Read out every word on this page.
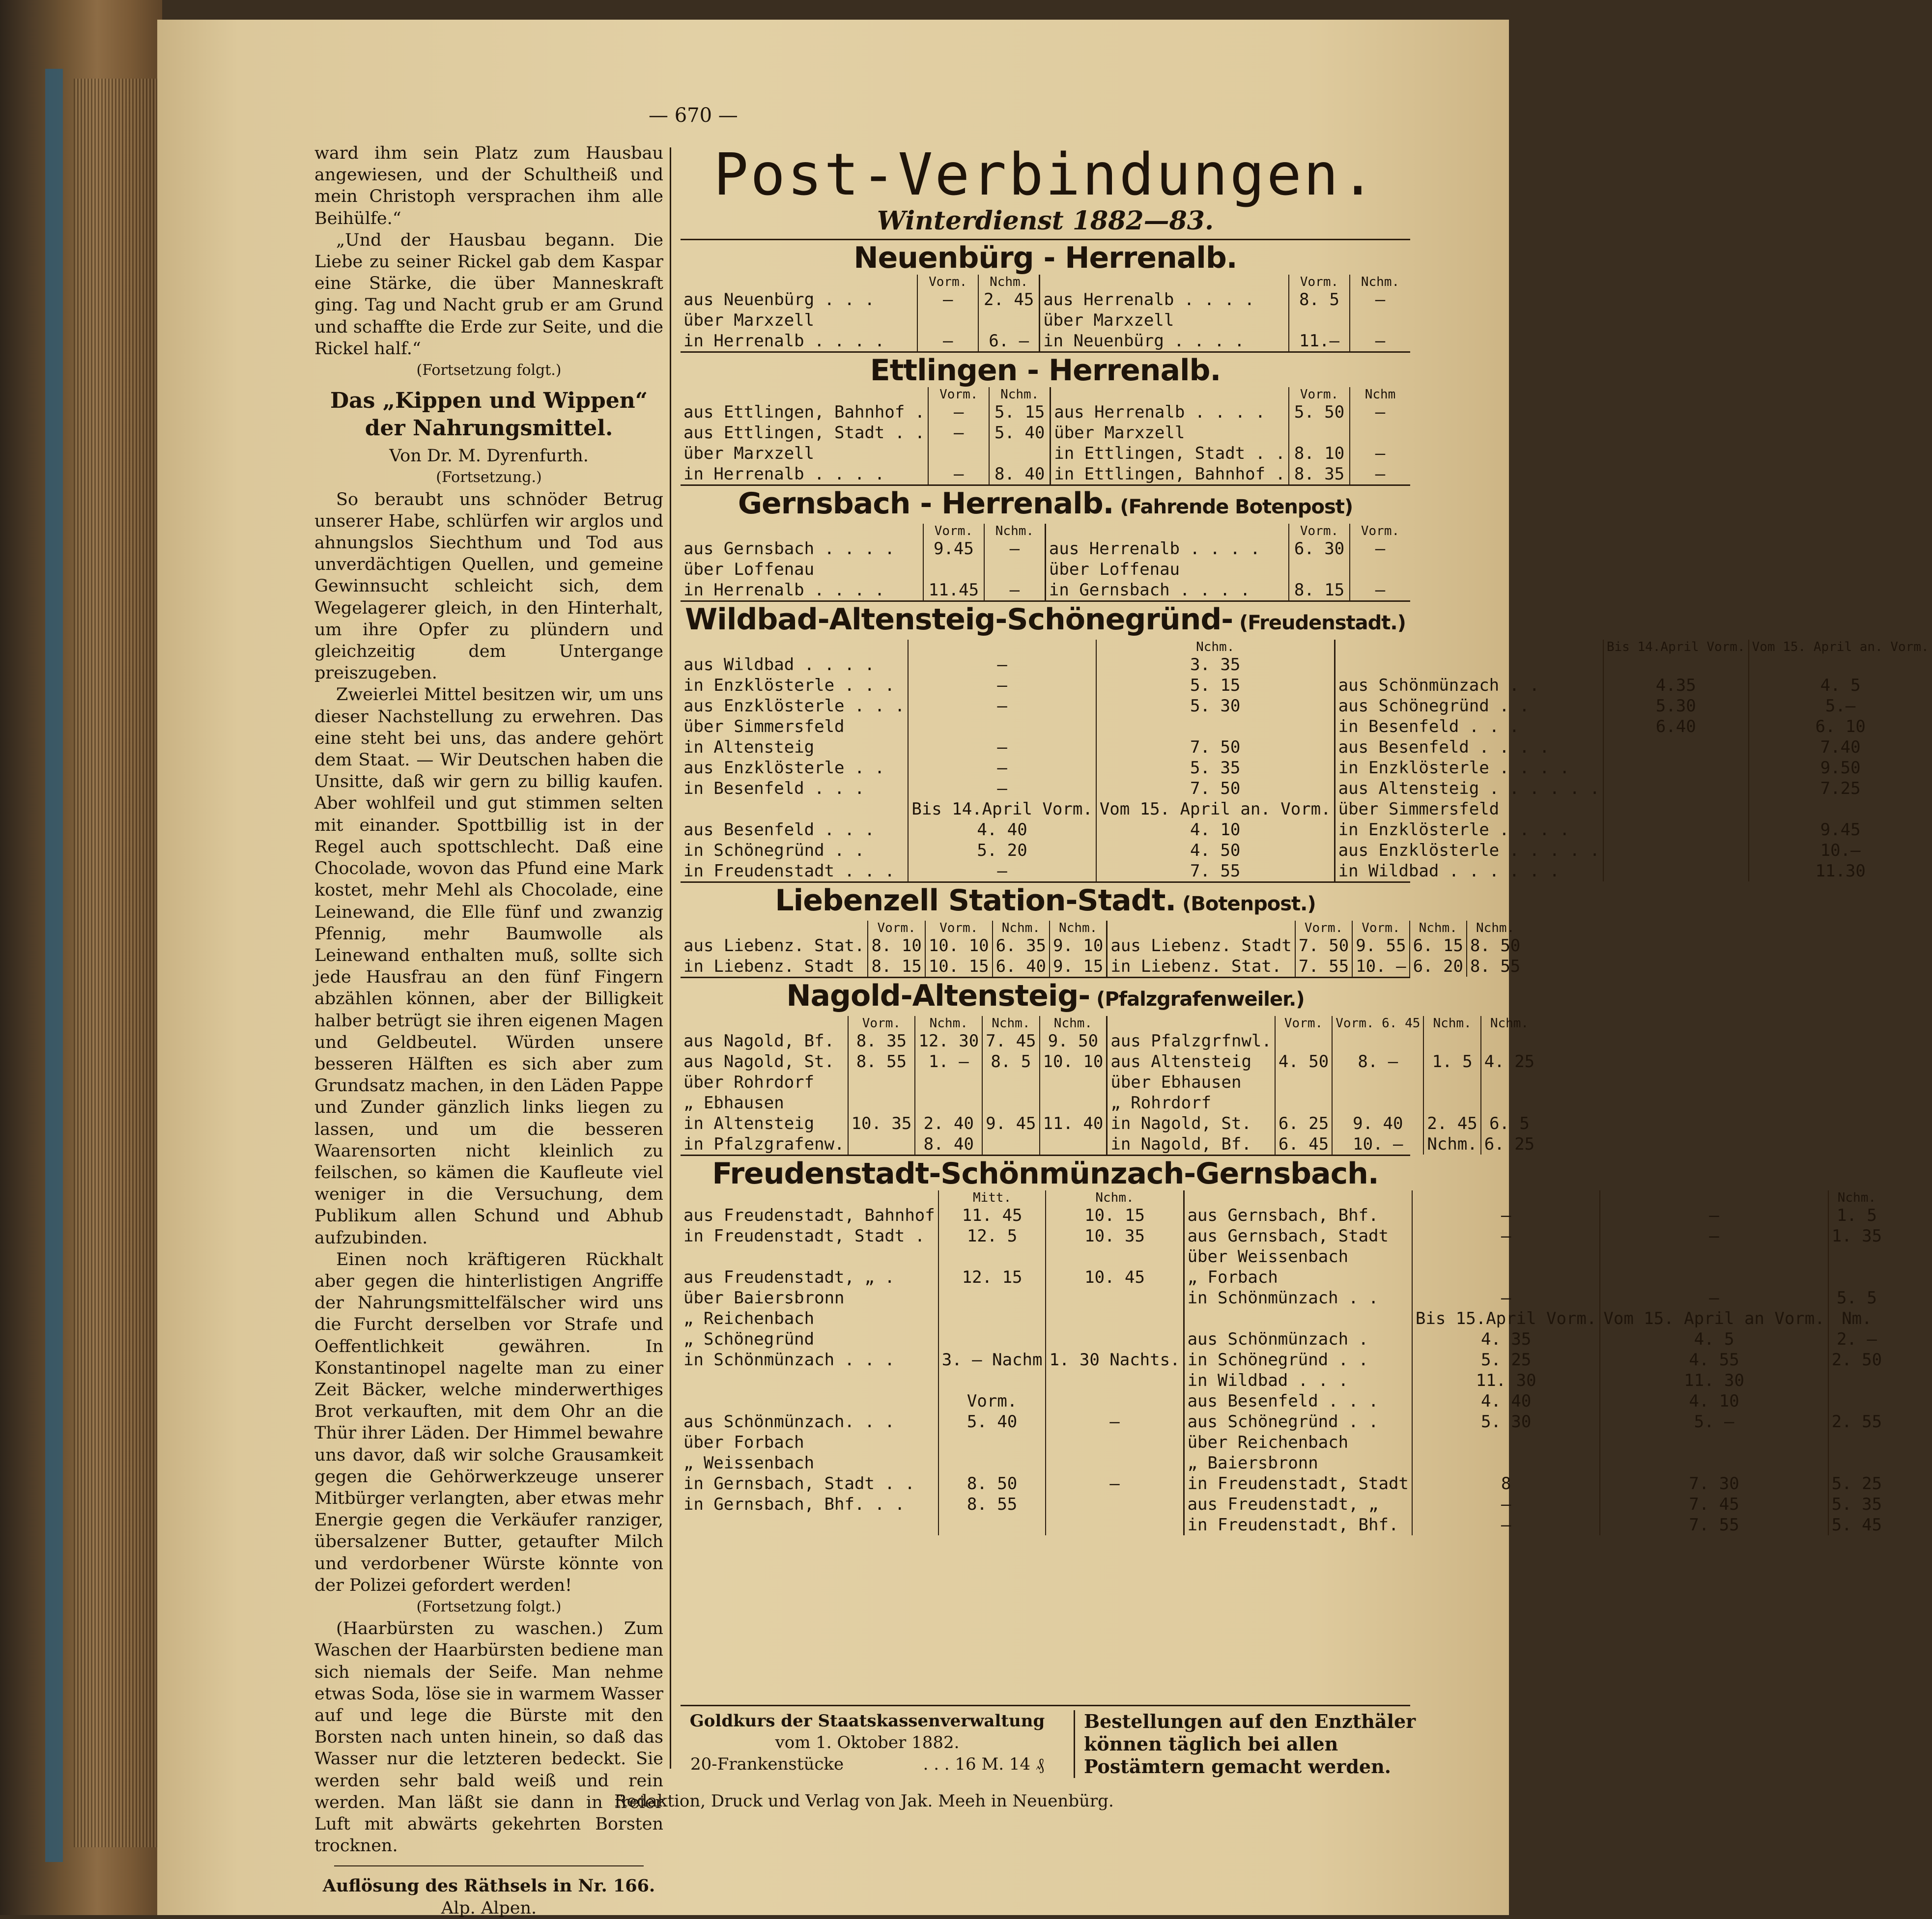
— 670 —

ward ihm sein Platz zum Hausbau angewiesen, und der Schultheiß und mein Christoph versprachen ihm alle Beihülfe.“

„Und der Hausbau begann. Die Liebe zu seiner Rickel gab dem Kaspar eine Stärke, die über Manneskraft ging. Tag und Nacht grub er am Grund und schaffte die Erde zur Seite, und die Rickel half.“

(Fortsetzung folgt.)

Das „Kippen und Wippen“ der Nahrungsmittel.

Von Dr. M. Dyrenfurth.

(Fortsetzung.)

So beraubt uns schnöder Betrug unserer Habe, schlürfen wir arglos und ahnungslos Siechthum und Tod aus unverdächtigen Quellen, und gemeine Gewinnsucht schleicht sich, dem Wegelagerer gleich, in den Hinterhalt, um ihre Opfer zu plündern und gleichzeitig dem Untergange preiszugeben.

Zweierlei Mittel besitzen wir, um uns dieser Nachstellung zu erwehren. Das eine steht bei uns, das andere gehört dem Staat. — Wir Deutschen haben die Unsitte, daß wir gern zu billig kaufen. Aber wohlfeil und gut stimmen selten mit einander. Spottbillig ist in der Regel auch spottschlecht. Daß eine Chocolade, wovon das Pfund eine Mark kostet, mehr Mehl als Chocolade, eine Leinewand, die Elle fünf und zwanzig Pfennig, mehr Baumwolle als Leinewand enthalten muß, sollte sich jede Hausfrau an den fünf Fingern abzählen können, aber der Billigkeit halber betrügt sie ihren eigenen Magen und Geldbeutel. Würden unsere besseren Hälften es sich aber zum Grundsatz machen, in den Läden Pappe und Zunder gänzlich links liegen zu lassen, und um die besseren Waarensorten nicht kleinlich zu feilschen, so kämen die Kaufleute viel weniger in die Versuchung, dem Publikum allen Schund und Abhub aufzubinden.

Einen noch kräftigeren Rückhalt aber gegen die hinterlistigen Angriffe der Nahrungsmittelfälscher wird uns die Furcht derselben vor Strafe und Oeffentlichkeit gewähren. In Konstantinopel nagelte man zu einer Zeit Bäcker, welche minderwerthiges Brot verkauften, mit dem Ohr an die Thür ihrer Läden. Der Himmel bewahre uns davor, daß wir solche Grausamkeit gegen die Gehörwerkzeuge unserer Mitbürger verlangten, aber etwas mehr Energie gegen die Verkäufer ranziger, übersalzener Butter, getaufter Milch und verdorbener Würste könnte von der Polizei gefordert werden!

(Fortsetzung folgt.)

(Haarbürsten zu waschen.) Zum Waschen der Haarbürsten bediene man sich niemals der Seife. Man nehme etwas Soda, löse sie in warmem Wasser auf und lege die Bürste mit den Borsten nach unten hinein, so daß das Wasser nur die letzteren bedeckt. Sie werden sehr bald weiß und rein werden. Man läßt sie dann in freier Luft mit abwärts gekehrten Borsten trocknen.

Auflösung des Räthsels in Nr. 166.

Alp. Alpen.

Post-Verbindungen.
Winterdienst 1882—83.
Neuenbürg - Herrenalb.
	Vorm.	Nchm.		Vorm.	Nchm.
aus Neuenbürg . . .	—	2. 45	aus Herrenalb . . . .	8. 5	—
über Marxzell			über Marxzell		
in Herrenalb . . . .	—	6. —	in Neuenbürg . . . .	11.—	—
Ettlingen - Herrenalb.
	Vorm.	Nchm.		Vorm.	Nchm
aus Ettlingen, Bahnhof .	—	5. 15	aus Herrenalb . . . .	5. 50	—
aus Ettlingen, Stadt . .	—	5. 40	über Marxzell		
über Marxzell			in Ettlingen, Stadt . .	8. 10	—
in Herrenalb . . . .	—	8. 40	in Ettlingen, Bahnhof .	8. 35	—
Gernsbach - Herrenalb. (Fahrende Botenpost)
	Vorm.	Nchm.		Vorm.	Vorm.
aus Gernsbach . . . .	9.45	—	aus Herrenalb . . . .	6. 30	—
über Loffenau			über Loffenau		
in Herrenalb . . . .	11.45	—	in Gernsbach . . . .	8. 15	—
Wildbad-Altensteig-Schönegründ- (Freudenstadt.)
		Nchm.		Bis 14.April Vorm.	Vom 15. April an. Vorm.
aus Wildbad . . . .	—	3. 35			
in Enzklösterle . . .	—	5. 15	aus Schönmünzach . .	4.35	4. 5
aus Enzklösterle . . .	—	5. 30	aus Schönegründ . .	5.30	5.—
über Simmersfeld			in Besenfeld . . .	6.40	6. 10
in Altensteig	—	7. 50	aus Besenfeld . . . .		7.40
aus Enzklösterle . .	—	5. 35	in Enzklösterle . . . .		9.50
in Besenfeld . . .	—	7. 50	aus Altensteig . . . . . .		7.25
	Bis 14.April Vorm.	Vom 15. April an. Vorm.	über Simmersfeld		
aus Besenfeld . . .	4. 40	4. 10	in Enzklösterle . . . .		9.45
in Schönegründ . .	5. 20	4. 50	aus Enzklösterle . . . . .		10.—
in Freudenstadt . . .	—	7. 55	in Wildbad . . . . . .		11.30
Liebenzell Station-Stadt. (Botenpost.)
	Vorm.	Vorm.	Nchm.	Nchm.		Vorm.	Vorm.	Nchm.	Nchm.
aus Liebenz. Stat.	8. 10	10. 10	6. 35	9. 10	aus Liebenz. Stadt	7. 50	9. 55	6. 15	8. 50
in Liebenz. Stadt	8. 15	10. 15	6. 40	9. 15	in Liebenz. Stat.	7. 55	10. —	6. 20	8. 55
Nagold-Altensteig- (Pfalzgrafenweiler.)
	Vorm.	Nchm.	Nchm.	Nchm.		Vorm.	Vorm. 6. 45	Nchm.	Nchm.
aus Nagold, Bf.	8. 35	12. 30	7. 45	9. 50	aus Pfalzgrfnwl.				
aus Nagold, St.	8. 55	1. —	8. 5	10. 10	aus Altensteig	4. 50	8. —	1. 5	4. 25
über Rohrdorf					über Ebhausen				
„ Ebhausen					„ Rohrdorf				
in Altensteig	10. 35	2. 40	9. 45	11. 40	in Nagold, St.	6. 25	9. 40	2. 45	6. 5
in Pfalzgrafenw.		8. 40			in Nagold, Bf.	6. 45	10. —	Nchm.	6. 25
Freudenstadt-Schönmünzach-Gernsbach.
	Mitt.	Nchm.				Nchm.
aus Freudenstadt, Bahnhof	11. 45	10. 15	aus Gernsbach, Bhf.	—	—	1. 5
in Freudenstadt, Stadt .	12. 5	10. 35	aus Gernsbach, Stadt	—	—	1. 35
			über Weissenbach			
aus Freudenstadt, „ .	12. 15	10. 45	„ Forbach			
über Baiersbronn			in Schönmünzach . .	—	—	5. 5
„ Reichenbach				Bis 15.April Vorm.	Vom 15. April an Vorm.	Nm.
„ Schönegründ			aus Schönmünzach .	4. 35	4. 5	2. —
in Schönmünzach . . .	3. — Nachm	1. 30 Nachts.	in Schönegründ . .	5. 25	4. 55	2. 50
			in Wildbad . . .	11. 30	11. 30	
	Vorm.		aus Besenfeld . . .	4. 40	4. 10	
aus Schönmünzach. . .	5. 40	—	aus Schönegründ . .	5. 30	5. —	2. 55
über Forbach			über Reichenbach			
„ Weissenbach			„ Baiersbronn			
in Gernsbach, Stadt . .	8. 50	—	in Freudenstadt, Stadt	8	7. 30	5. 25
in Gernsbach, Bhf. . .	8. 55		aus Freudenstadt, „	—	7. 45	5. 35
			in Freudenstadt, Bhf.	—	7. 55	5. 45
Goldkurs der Staatskassenverwaltung
vom 1. Oktober 1882.
20-Frankenstücke	. . . 16 M. 14 ₰
Bestellungen auf den Enzthäler können täglich bei allen Postämtern gemacht werden.
Redaktion, Druck und Verlag von Jak. Meeh in Neuenbürg.
